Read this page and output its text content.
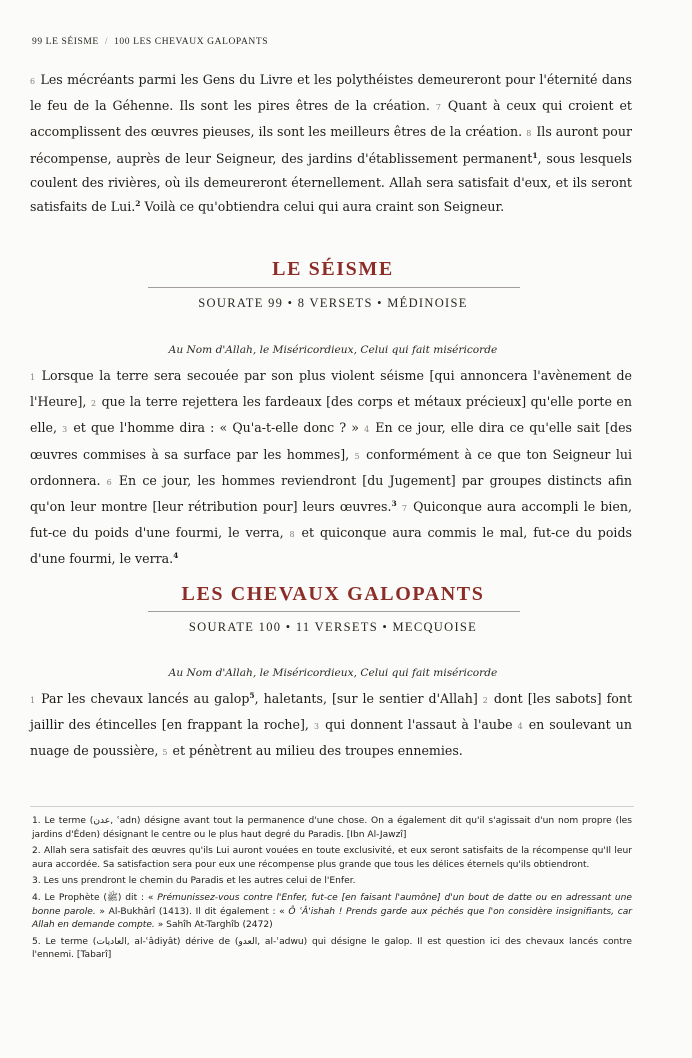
99 LE SÉISME / 100 LES CHEVAUX GALOPANTS

6 Les mécréants parmi les Gens du Livre et les polythéistes demeureront pour l'éternité dans le feu de la Géhenne. Ils sont les pires êtres de la création. 7 Quant à ceux qui croient et accomplissent des œuvres pieuses, ils sont les meilleurs êtres de la création. 8 Ils auront pour récompense, auprès de leur Seigneur, des jardins d'établissement permanent$^1$, sous lesquels coulent des rivières, où ils demeureront éternellement. Allah sera satisfait d'eux, et ils seront satisfaits de Lui.$^2$ Voilà ce qu'obtiendra celui qui aura craint son Seigneur.

LE SÉISME
SOURATE 99 • 8 VERSETS • MÉDINOISE
Au Nom d'Allah, le Miséricordieux, Celui qui fait miséricorde

1 Lorsque la terre sera secouée par son plus violent séisme [qui annoncera l'avènement de l'Heure], 2 que la terre rejettera les fardeaux [des corps et métaux précieux] qu'elle porte en elle, 3 et que l'homme dira : « Qu'a-t-elle donc ? » 4 En ce jour, elle dira ce qu'elle sait [des œuvres commises à sa surface par les hommes], 5 conformément à ce que ton Seigneur lui ordonnera. 6 En ce jour, les hommes reviendront [du Jugement] par groupes distincts afin qu'on leur montre [leur rétribution pour] leurs œuvres.$^3$ 7 Quiconque aura accompli le bien, fut-ce du poids d'une fourmi, le verra, 8 et quiconque aura commis le mal, fut-ce du poids d'une fourmi, le verra.$^4$

LES CHEVAUX GALOPANTS
SOURATE 100 • 11 VERSETS • MECQUOISE
Au Nom d'Allah, le Miséricordieux, Celui qui fait miséricorde

1 Par les chevaux lancés au galop$^5$, haletants, [sur le sentier d'Allah] 2 dont [les sabots] font jaillir des étincelles [en frappant la roche], 3 qui donnent l'assaut à l'aube 4 en soulevant un nuage de poussière, 5 et pénètrent au milieu des troupes ennemies.

1. Le terme (عدن, ʿadn) désigne avant tout la permanence d'une chose. On a également dit qu'il s'agissait d'un nom propre (les jardins d'Éden) désignant le centre ou le plus haut degré du Paradis. [Ibn Al-Jawzî]

2. Allah sera satisfait des œuvres qu'ils Lui auront vouées en toute exclusivité, et eux seront satisfaits de la récompense qu'Il leur aura accordée. Sa satisfaction sera pour eux une récompense plus grande que tous les délices éternels qu'ils obtiendront.

3. Les uns prendront le chemin du Paradis et les autres celui de l'Enfer.

4. Le Prophète (ﷺ) dit : « Prémunissez-vous contre l'Enfer, fut-ce [en faisant l'aumône] d'un bout de datte ou en adressant une bonne parole. » Al-Bukhârî (1413). Il dit également : « Ô ʿÂ'ishah ! Prends garde aux péchés que l'on considère insignifiants, car Allah en demande compte. » Sahîh At-Targhîb (2472)

5. Le terme (العاديات, al-ʿâdiyât) dérive de (العدو, al-ʿadwu) qui désigne le galop. Il est question ici des chevaux lancés contre l'ennemi. [Tabarî]
